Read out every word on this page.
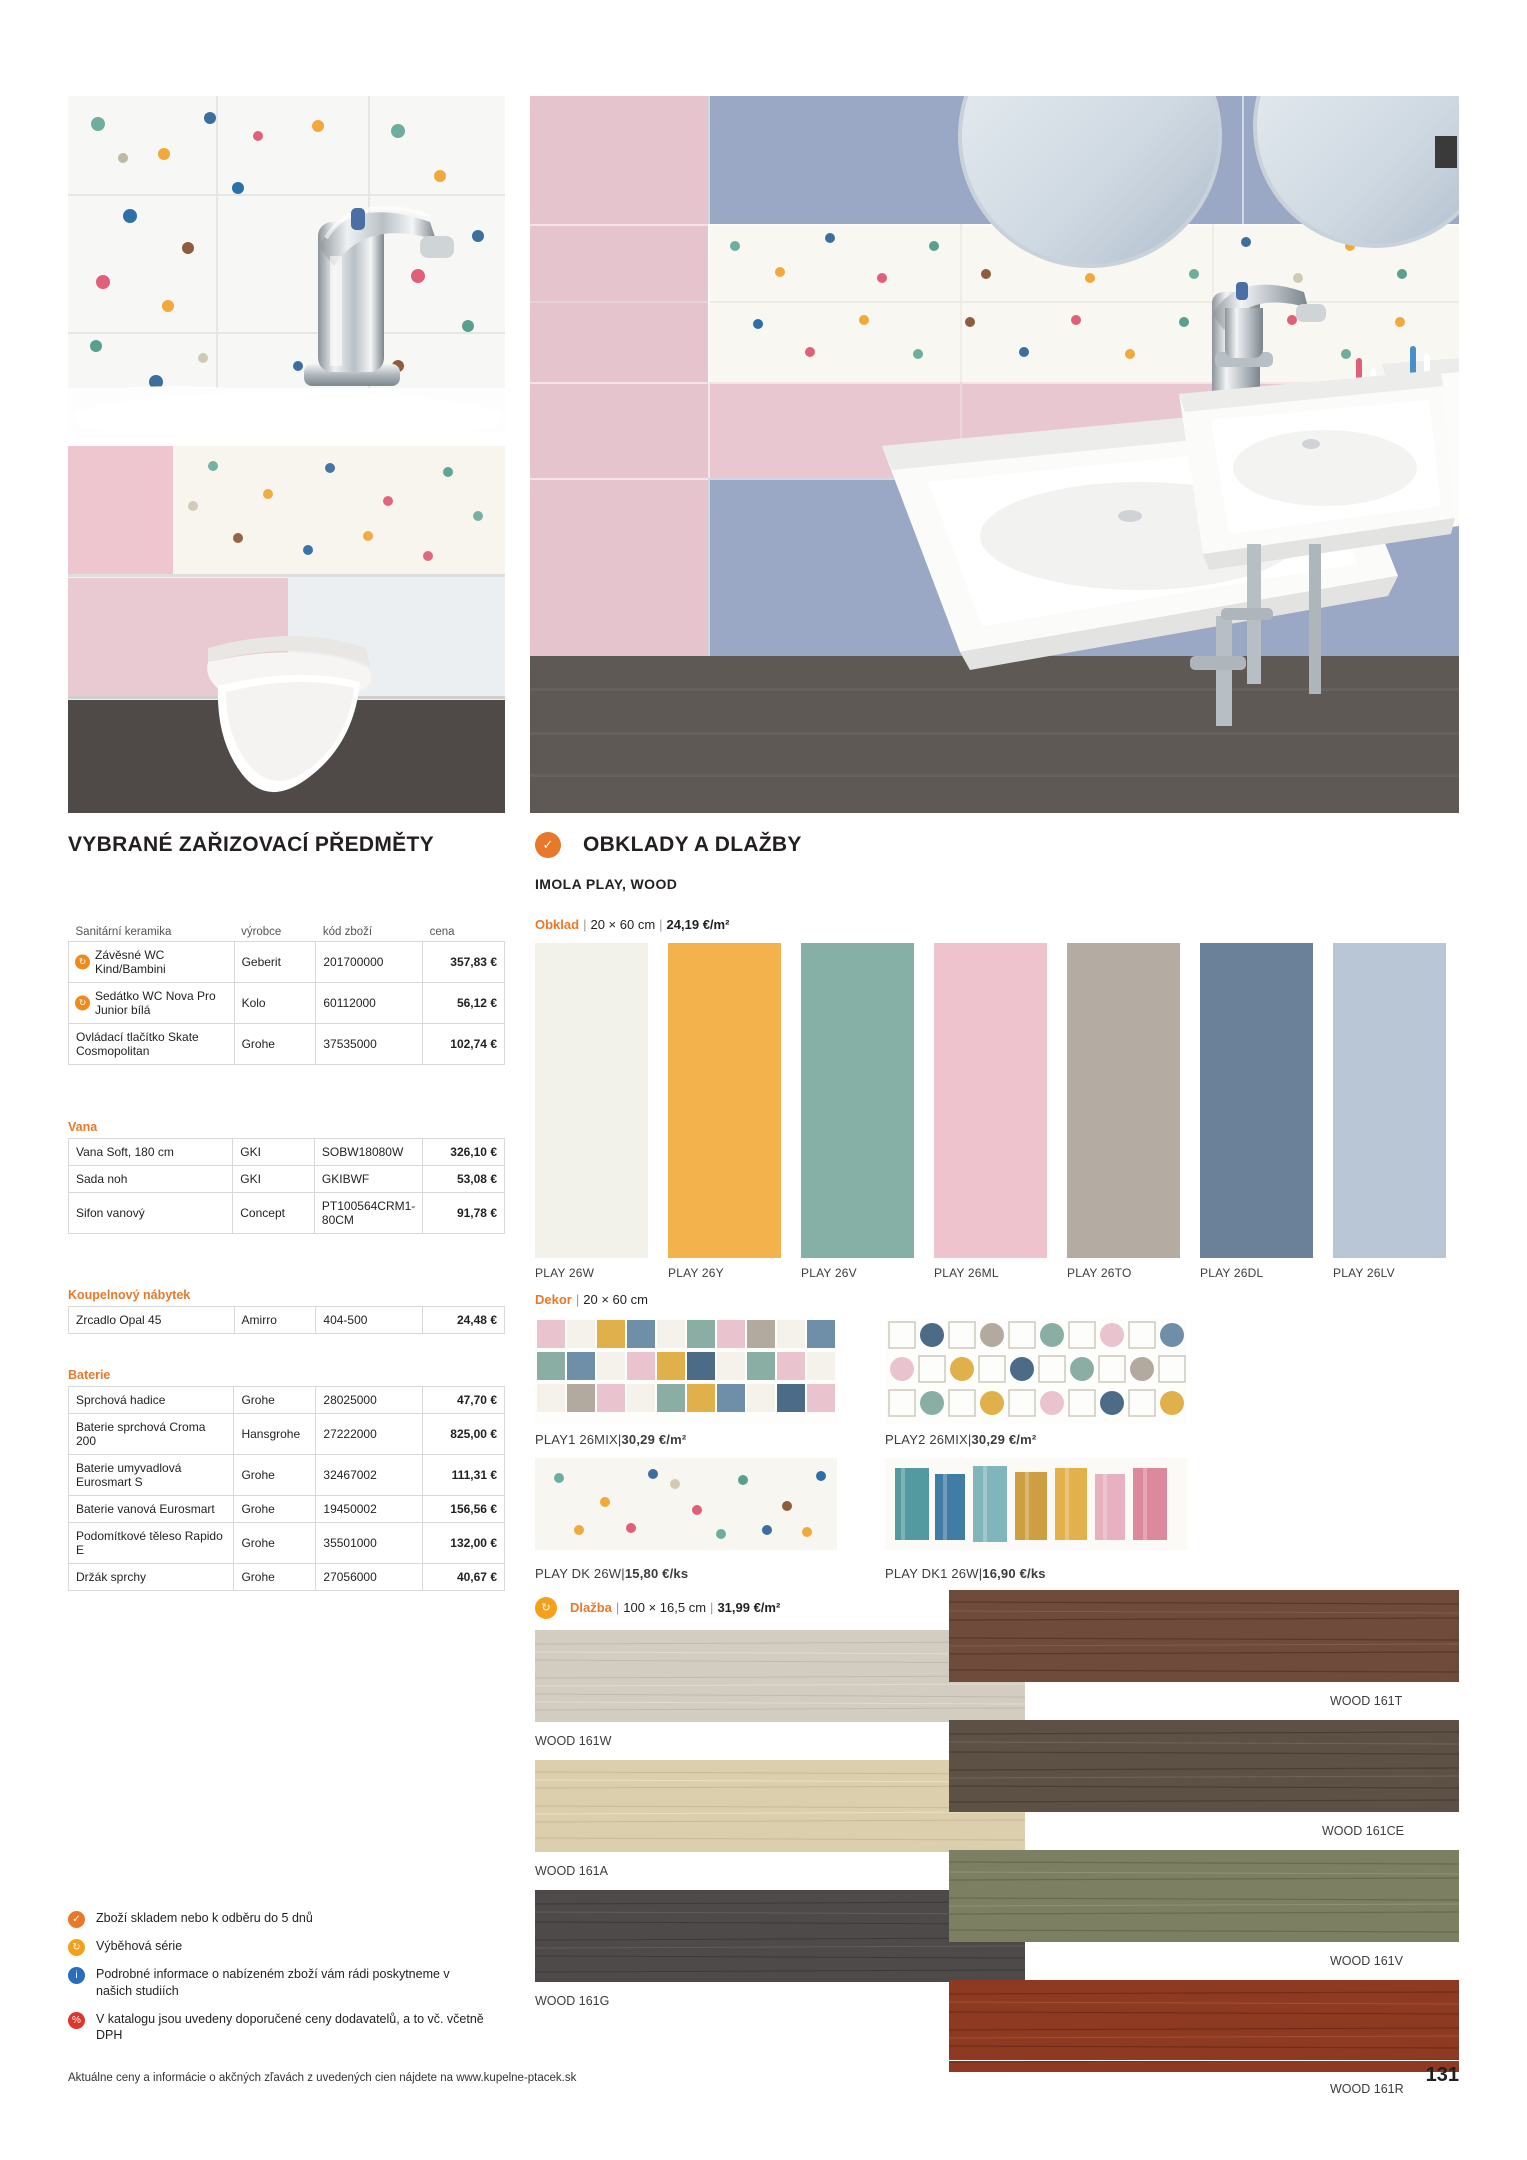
VYBRANÉ ZAŘIZOVACÍ PŘEDMĚTY	✓	OBKLADY A DLAŽBY
IMOLA PLAY, WOOD
Sanitární keramika	výrobce	kód zboží	cena

↻ Závěsné WC Kind/Bambini	Geberit	201700000	357,83 €

↻ Sedátko WC Nova Pro Junior bílá	Kolo	60112000	56,12 €
Ovládací tlačítko Skate Cosmopolitan	Grohe	37535000	102,74 €
Vana
Vana Soft, 180 cm	GKI	SOBW18080W	326,10 €
Sada noh	GKI	GKIBWF	53,08 €
Sifon vanový	Concept	PT100564CRM1-80CM	91,78 €
Koupelnový nábytek
Zrcadlo Opal 45	Amirro	404-500	24,48 €
Baterie
Sprchová hadice	Grohe	28025000	47,70 €
Baterie sprchová Croma 200	Hansgrohe	27222000	825,00 €
Baterie umyvadlová Eurosmart S	Grohe	32467002	111,31 €
Baterie vanová Eurosmart	Grohe	19450002	156,56 €
Podomítkové těleso Rapido E	Grohe	35501000	132,00 €
Držák sprchy	Grohe	27056000	40,67 €
Obklad | 20 × 60 cm | 24,19 €/m²
PLAY 26W	PLAY 26Y	PLAY 26V	PLAY 26ML	PLAY 26TO	PLAY 26DL	PLAY 26LV
Dekor | 20 × 60 cm
PLAY1 26MIX|30,29 €/m²	PLAY2 26MIX|30,29 €/m²
PLAY DK 26W|15,80 €/ks	PLAY DK1 26W|16,90 €/ks
Dlažba | 100 × 16,5 cm | 31,99 €/m²
↻
WOOD 161W
WOOD 161A
WOOD 161G
WOOD 161T
WOOD 161CE
WOOD 161V
WOOD 161R
✓	Zboží skladem nebo k odběru do 5 dnů
↻	Výběhová série
i	Podrobné informace o nabízeném zboží vám rádi poskytneme v našich studiích
%	V katalogu jsou uvedeny doporučené ceny dodavatelů, a to vč. včetně DPH
Aktuálne ceny a informácie o akčných zľavách z uvedených cien nájdete na www.kupelne-ptacek.sk	131
